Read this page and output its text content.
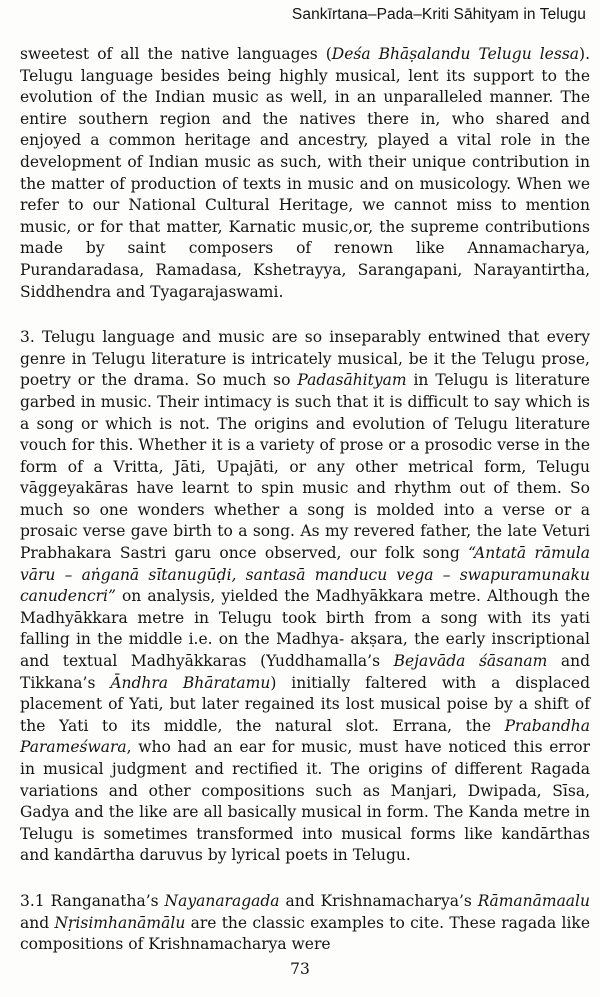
Sankīrtana–Pada–Kriti Sāhityam in Telugu

sweetest of all the native languages (Deśa Bhāṣalandu Telugu lessa). Telugu language besides being highly musical, lent its support to the evolution of the Indian music as well, in an unparalleled manner. The entire southern region and the natives there in, who shared and enjoyed a common heritage and ancestry, played a vital role in the development of Indian music as such, with their unique contribution in the matter of production of texts in music and on musicology. When we refer to our National Cultural Heritage, we cannot miss to mention music, or for that matter, Karnatic music,or, the supreme contributions made by saint composers of renown like Annamacharya, Purandaradasa, Ramadasa, Kshetrayya, Sarangapani, Narayantirtha, Siddhendra and Tyagarajaswami.

3. Telugu language and music are so inseparably entwined that every genre in Telugu literature is intricately musical, be it the Telugu prose, poetry or the drama. So much so Padasāhityam in Telugu is literature garbed in music. Their intimacy is such that it is difficult to say which is a song or which is not. The origins and evolution of Telugu literature vouch for this. Whether it is a variety of prose or a prosodic verse in the form of a Vritta, Jāti, Upajāti, or any other metrical form, Telugu vāggeyakāras have learnt to spin music and rhythm out of them. So much so one wonders whether a song is molded into a verse or a prosaic verse gave birth to a song. As my revered father, the late Veturi Prabhakara Sastri garu once observed, our folk song “Antatā rāmula vāru – aṅganā sītanugūḍi, santasā manducu vega – swapuramunaku canudencri” on analysis, yielded the Madhyākkara metre. Although the Madhyākkara metre in Telugu took birth from a song with its yati falling in the middle i.e. on the Madhya- akṣara, the early inscriptional and textual Madhyākkaras (Yuddhamalla’s Bejavāda śāsanam and Tikkana’s Āndhra Bhāratamu) initially faltered with a displaced placement of Yati, but later regained its lost musical poise by a shift of the Yati to its middle, the natural slot. Errana, the Prabandha Parameśwara, who had an ear for music, must have noticed this error in musical judgment and rectified it. The origins of different Ragada variations and other compositions such as Manjari, Dwipada, Sīsa, Gadya and the like are all basically musical in form. The Kanda metre in Telugu is sometimes transformed into musical forms like kandārthas and kandārtha daruvus by lyrical poets in Telugu.

3.1 Ranganatha’s Nayanaragada and Krishnamacharya’s Rāmanāmaalu and Nṛisimhanāmālu are the classic examples to cite. These ragada like compositions of Krishnamacharya were

73
